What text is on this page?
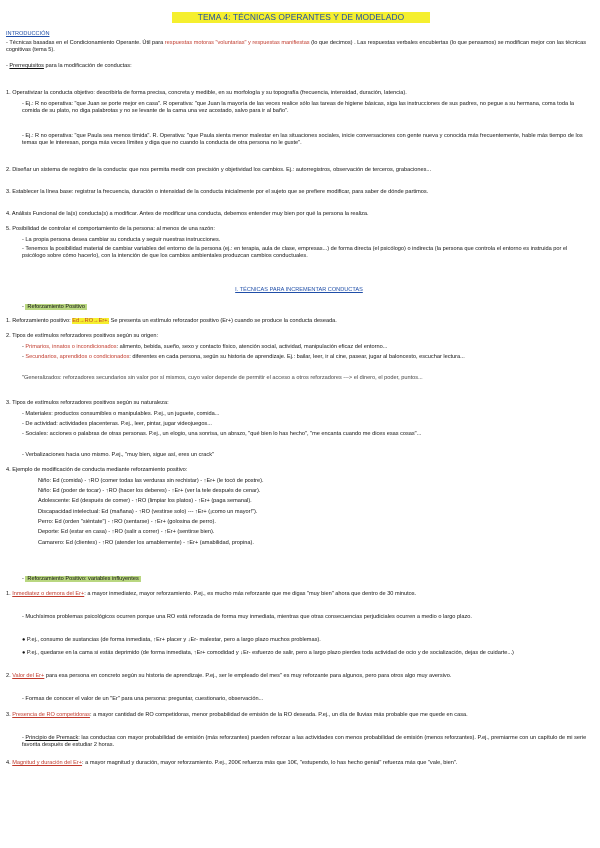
TEMA 4: TÉCNICAS OPERANTES Y DE MODELADO

INTRODUCCIÓN

- Técnicas basadas en el Condicionamiento Operante. Útil para respuestas motoras "voluntarias" y respuestas manifiestas (lo que decimos) . Las respuestas verbales encubiertas (lo que pensamos) se modifican mejor con las técnicas cognitivas (tema 5).

- Prerrequisitos para la modificación de conductas:

1. Operativizar la conducta objetivo: describirla de forma precisa, concreta y medible, en su morfología y su topografía (frecuencia, intensidad, duración, latencia).

- Ej.: R no operativa: "que Juan se porte mejor en casa". R operativa: "que Juan la mayoría de las veces realice sólo las tareas de higiene básicas, siga las instrucciones de sus padres, no pegue a su hermana, coma toda la comida de su plato, no diga palabrotas y no se levante de la cama una vez acostado, salvo para ir al baño".

- Ej.: R no operativa: "que Paula sea menos tímida". R. Operativa: "que Paula sienta menor malestar en las situaciones sociales, inicie conversaciones con gente nueva y conocida más frecuentemente, hable más tiempo de los temas que le interesan, ponga más veces límites y diga que no cuando la conducta de otra persona no le guste".

2. Diseñar un sistema de registro de la conducta: que nos permita medir con precisión y objetividad los cambios. Ej.: autorregistros, observación de terceros, grabaciones...

3. Establecer la línea base: registrar la frecuencia, duración o intensidad de la conducta inicialmente por el sujeto que se prefiere modificar, para saber de dónde partimos.

4. Análisis Funcional de la(s) conducta(s) a modificar. Antes de modificar una conducta, debemos entender muy bien por qué la persona la realiza.

5. Posibilidad de controlar el comportamiento de la persona: al menos de una razón:

- La propia persona desea cambiar su conducta y seguir nuestras instrucciones.

- Tenemos la posibilidad material de cambiar variables del entorno de la persona (ej.: en terapia, aula de clase, empresas...) de forma directa (el psicólogo) o indirecta (la persona que controla el entorno es instruida por el psicólogo sobre cómo hacerlo), con la intención de que los cambios ambientales produzcan cambios conductuales.

I. TÉCNICAS PARA INCREMENTAR CONDUCTAS

- Reforzamiento Positivo

1. Reforzamiento positivo: Ed→RO→Er+. Se presenta un estímulo reforzador positivo (Er+) cuando se produce la conducta deseada.

2. Tipos de estímulos reforzadores positivos según su origen:

- Primarios, innatos o incondicionados: alimento, bebida, sueño, sexo y contacto físico, atención social, actividad, manipulación eficaz del entorno...

- Secundarios, aprendidos o condicionados: diferentes en cada persona, según su historia de aprendizaje. Ej.: bailar, leer, ir al cine, pasear, jugar al baloncesto, escuchar lectura...

"Generalizados: reforzadores secundarios sin valor por sí mismos, cuyo valor depende de permitir el acceso a otros reforzadores ---> el dinero, el poder, puntos...

3. Tipos de estímulos reforzadores positivos según su naturaleza:

- Materiales: productos consumibles o manipulables. P.ej., un juguete, comida...

- De actividad: actividades placenteras. P.ej., leer, pintar, jugar videojuegos...

- Sociales: acciones o palabras de otras personas. P.ej., un elogio, una sonrisa, un abrazo, "qué bien lo has hecho", "me encanta cuando me dices esas cosas"...

- Verbalizaciones hacia uno mismo. P.ej., "muy bien, sigue así, eres un crack"

4. Ejemplo de modificación de conducta mediante reforzamiento positivo:

Niño: Ed (comida) - ↑RO (comer todas las verduras sin rechistar) - ↑Er+ (le tocó de postre).

Niño: Ed (poder de tocar) - ↑RO (hacer los deberes) - ↑Er+ (ver la tele después de cenar).

Adolescente: Ed (después de comer) - ↑RO (limpiar los platos) - ↑Er+ (paga semanal).

Discapacidad intelectual: Ed (mañana) - ↑RO (vestirse solo) --- ↑Er+ (¡como un mayor!").

Perro: Ed (orden "siéntate") - ↑RO (sentarse) - ↑Er+ (golosina de perro).

Deporte: Ed (estar en casa) - ↑RO (salir a correr) - ↑Er+ (sentirse bien).

Camarero: Ed (clientes) - ↑RO (atender los amablemente) - ↑Er+ (amabilidad, propina).

- Reforzamiento Positivo: variables influyentes

1. Inmediatez o demora del Er+: a mayor inmediatez, mayor reforzamiento. P.ej., es mucho más reforzante que me digas "muy bien" ahora que dentro de 30 minutos.

- Muchísimos problemas psicológicos ocurren porque una RO está reforzada de forma muy inmediata, mientras que otras consecuencias perjudiciales ocurren a medio o largo plazo.

● P.ej., consumo de sustancias (de forma inmediata, ↑Er+ placer y ↓Er- malestar, pero a largo plazo muchos problemas).

● P.ej., quedarse en la cama si estás deprimido (de forma inmediata, ↑Er+ comodidad y ↓Er- esfuerzo de salir, pero a largo plazo pierdes toda actividad de ocio y de socialización, dejas de cuidarte...)

2. Valor del Er+ para esa persona en concreto según su historia de aprendizaje. P.ej., ser le empleado del mes" es muy reforzante para algunos, pero para otros algo muy aversivo.

- Formas de conocer el valor de un "Er" para una persona: preguntar, cuestionario, observación...

3. Presencia de RO competidoras: a mayor cantidad de RO competidoras, menor probabilidad de emisión de la RO deseada. P.ej., un día de lluvias más probable que me quede en casa.

- Principio de Premack: las conductas con mayor probabilidad de emisión (más reforzantes) pueden reforzar a las actividades con menos probabilidad de emisión (menos reforzantes). P.ej., premiarme con un capítulo de mi serie favorita después de estudiar 2 horas.

4. Magnitud y duración del Er+: a mayor magnitud y duración, mayor reforzamiento. P.ej., 200€ refuerza más que 10€, "estupendo, lo has hecho genial" refuerza más que "vale, bien".
